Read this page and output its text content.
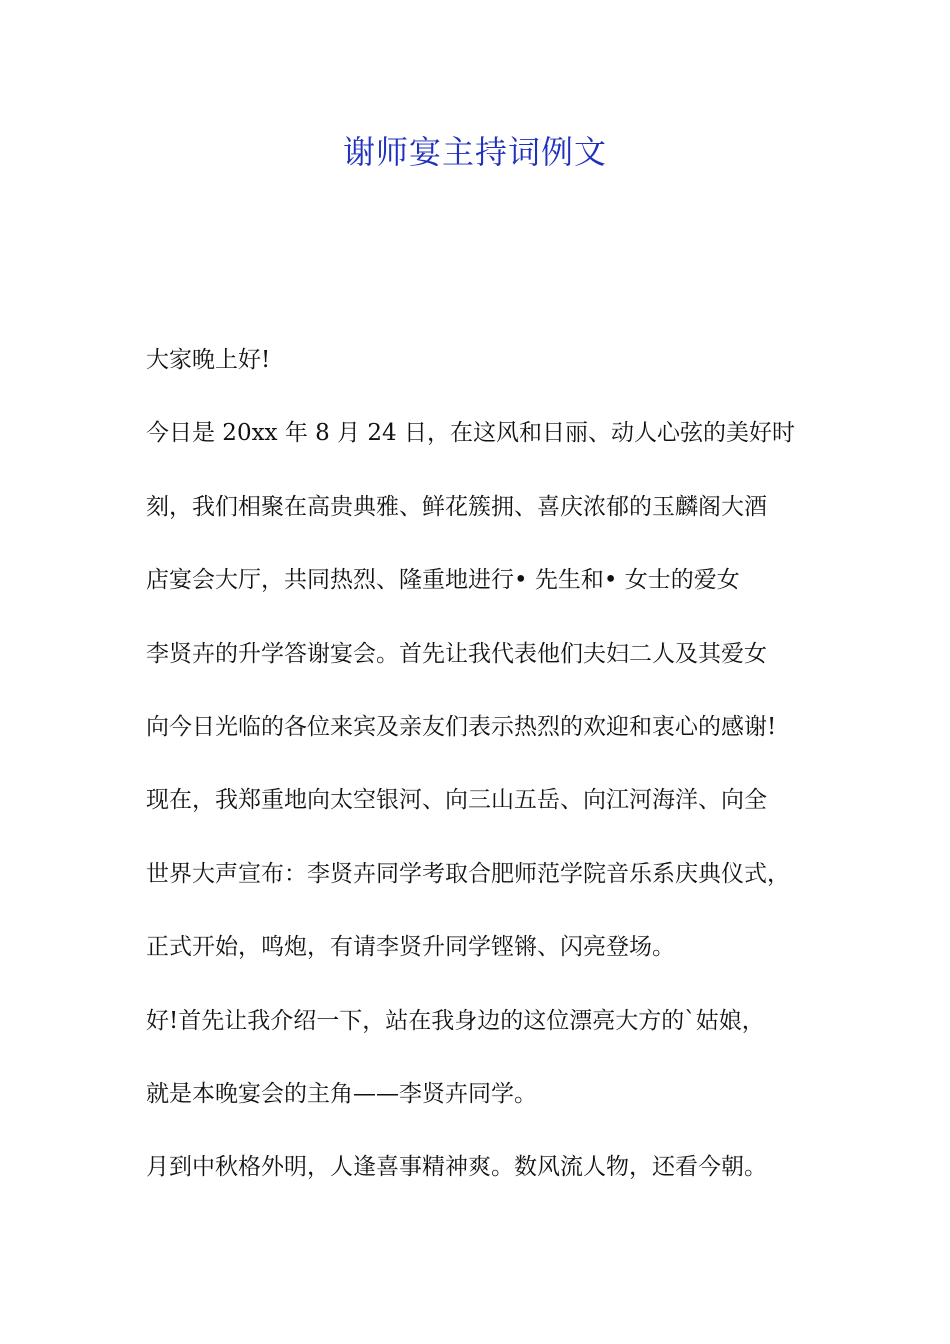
谢师宴主持词例文
大家晚上好!
今日是 20xx 年 8 月 24 日，在这风和日丽、动人心弦的美好时
刻，我们相聚在高贵典雅、鲜花簇拥、喜庆浓郁的玉麟阁大酒
店宴会大厅，共同热烈、隆重地进行• 先生和• 女士的爱女
李贤卉的升学答谢宴会。首先让我代表他们夫妇二人及其爱女
向今日光临的各位来宾及亲友们表示热烈的欢迎和衷心的感谢!
现在，我郑重地向太空银河、向三山五岳、向江河海洋、向全
世界大声宣布：李贤卉同学考取合肥师范学院音乐系庆典仪式，
正式开始，鸣炮，有请李贤升同学铿锵、闪亮登场。
好!首先让我介绍一下，站在我身边的这位漂亮大方的`姑娘，
就是本晚宴会的主角——李贤卉同学。
月到中秋格外明，人逢喜事精神爽。数风流人物，还看今朝。
